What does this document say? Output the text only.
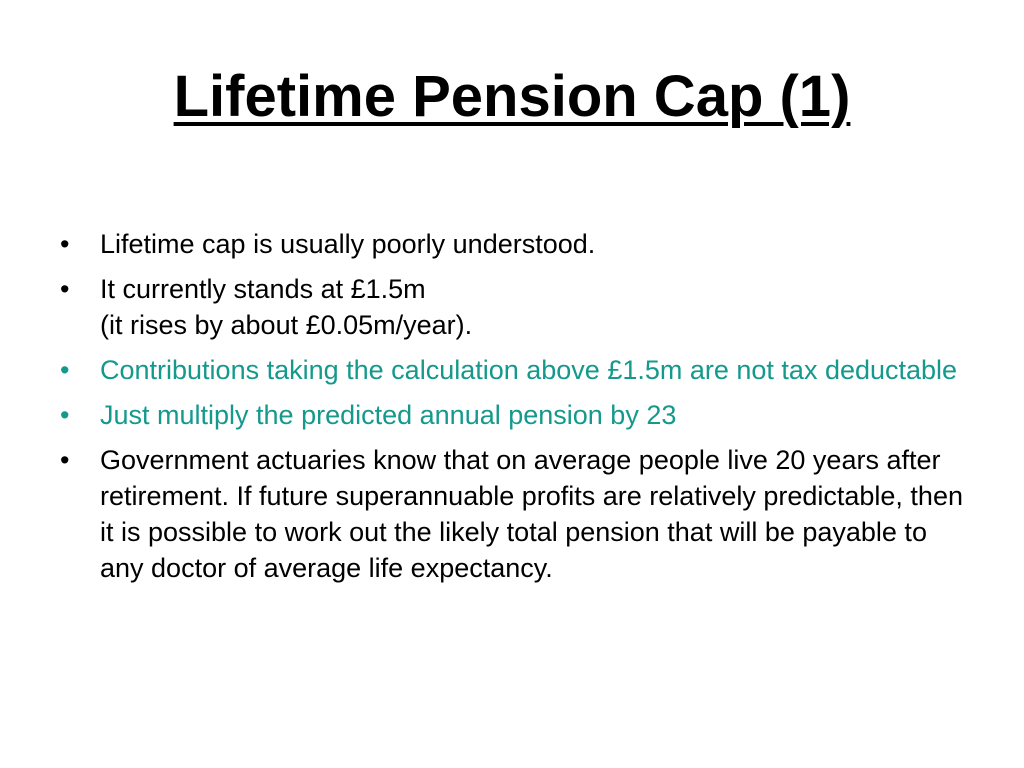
Lifetime Pension Cap (1)
•	Lifetime cap is usually poorly understood.
•	It currently stands at £1.5m
(it rises by about £0.05m/year).
•	Contributions taking the calculation above £1.5m are not tax deductable
•	Just multiply the predicted annual pension by 23
•	Government actuaries know that on average people live 20 years after retirement. If future superannuable profits are relatively predictable, then it is possible to work out the likely total pension that will be payable to any doctor of average life expectancy.
